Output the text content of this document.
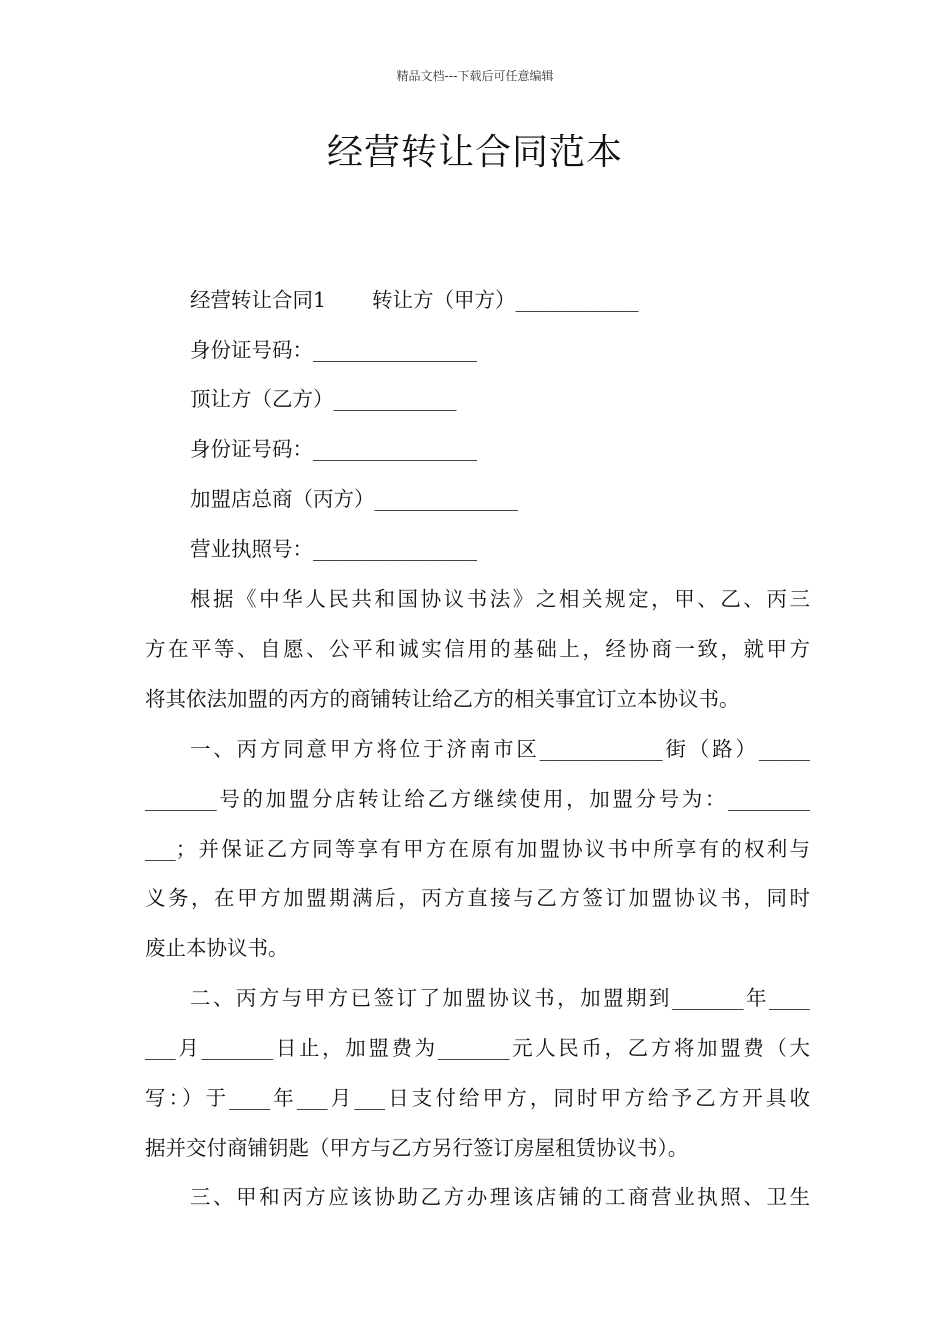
精品文档---下载后可任意编辑
经营转让合同范本
经营转让合同1 转让方（甲方）____________
身份证号码：________________
顶让方（乙方）____________
身份证号码：________________
加盟店总商（丙方）______________
营业执照号：________________
根据《中华人民共和国协议书法》之相关规定，甲、乙、丙三
方在平等、自愿、公平和诚实信用的基础上，经协商一致，就甲方
将其依法加盟的丙方的商铺转让给乙方的相关事宜订立本协议书。
一、丙方同意甲方将位于济南市区____________街（路）_____
_______号的加盟分店转让给乙方继续使用，加盟分号为：________
___；并保证乙方同等享有甲方在原有加盟协议书中所享有的权利与
义务，在甲方加盟期满后，丙方直接与乙方签订加盟协议书，同时
废止本协议书。
二、丙方与甲方已签订了加盟协议书，加盟期到_______年____
___月_______日止，加盟费为_______元人民币，乙方将加盟费（大
写：）于____年___月___日支付给甲方，同时甲方给予乙方开具收
据并交付商铺钥匙（甲方与乙方另行签订房屋租赁协议书）。
三、甲和丙方应该协助乙方办理该店铺的工商营业执照、卫生
